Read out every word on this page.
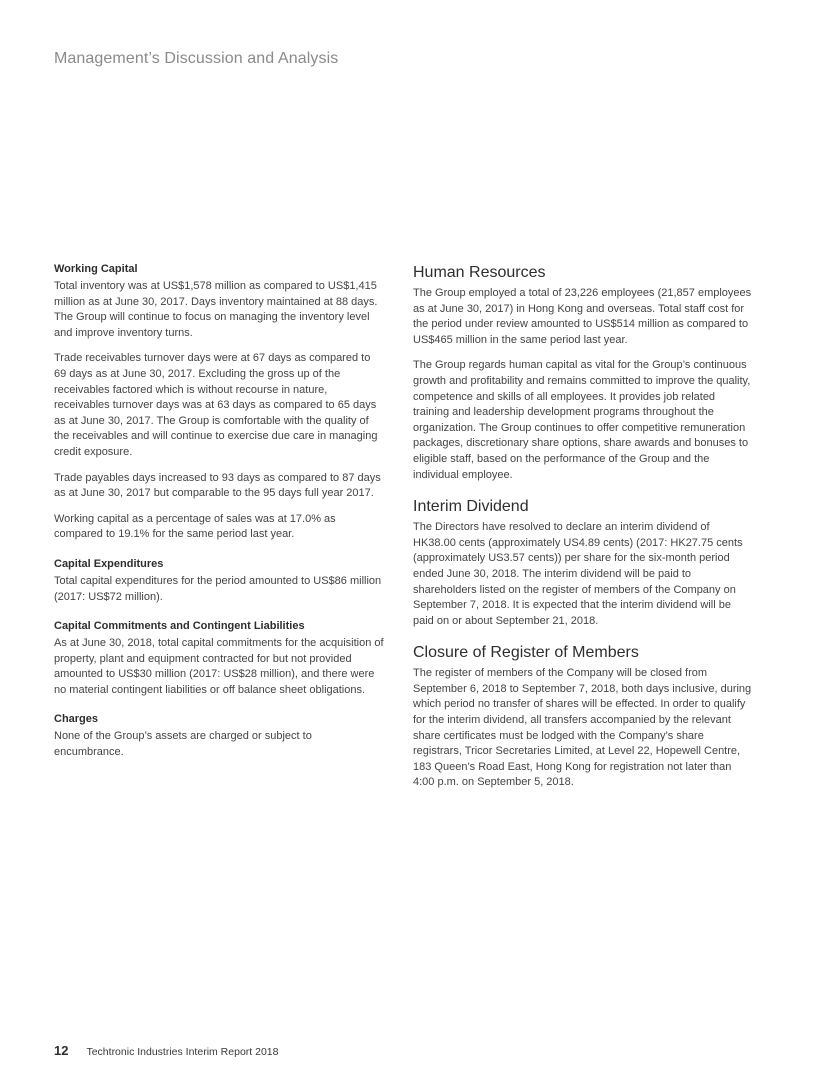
Management’s Discussion and Analysis
Working Capital

Total inventory was at US$1,578 million as compared to US$1,415 million as at June 30, 2017. Days inventory maintained at 88 days. The Group will continue to focus on managing the inventory level and improve inventory turns.

Trade receivables turnover days were at 67 days as compared to 69 days as at June 30, 2017. Excluding the gross up of the receivables factored which is without recourse in nature, receivables turnover days was at 63 days as compared to 65 days as at June 30, 2017. The Group is comfortable with the quality of the receivables and will continue to exercise due care in managing credit exposure.

Trade payables days increased to 93 days as compared to 87 days as at June 30, 2017 but comparable to the 95 days full year 2017.

Working capital as a percentage of sales was at 17.0% as compared to 19.1% for the same period last year.

Capital Expenditures

Total capital expenditures for the period amounted to US$86 million (2017: US$72 million).

Capital Commitments and Contingent Liabilities

As at June 30, 2018, total capital commitments for the acquisition of property, plant and equipment contracted for but not provided amounted to US$30 million (2017: US$28 million), and there were no material contingent liabilities or off balance sheet obligations.

Charges

None of the Group’s assets are charged or subject to encumbrance.

Human Resources

The Group employed a total of 23,226 employees (21,857 employees as at June 30, 2017) in Hong Kong and overseas. Total staff cost for the period under review amounted to US$514 million as compared to US$465 million in the same period last year.

The Group regards human capital as vital for the Group’s continuous growth and profitability and remains committed to improve the quality, competence and skills of all employees. It provides job related training and leadership development programs throughout the organization. The Group continues to offer competitive remuneration packages, discretionary share options, share awards and bonuses to eligible staff, based on the performance of the Group and the individual employee.

Interim Dividend

The Directors have resolved to declare an interim dividend of HK38.00 cents (approximately US4.89 cents) (2017: HK27.75 cents (approximately US3.57 cents)) per share for the six-month period ended June 30, 2018. The interim dividend will be paid to shareholders listed on the register of members of the Company on September 7, 2018. It is expected that the interim dividend will be paid on or about September 21, 2018.

Closure of Register of Members

The register of members of the Company will be closed from September 6, 2018 to September 7, 2018, both days inclusive, during which period no transfer of shares will be effected. In order to qualify for the interim dividend, all transfers accompanied by the relevant share certificates must be lodged with the Company’s share registrars, Tricor Secretaries Limited, at Level 22, Hopewell Centre, 183 Queen’s Road East, Hong Kong for registration not later than 4:00 p.m. on September 5, 2018.

12 Techtronic Industries Interim Report 2018
